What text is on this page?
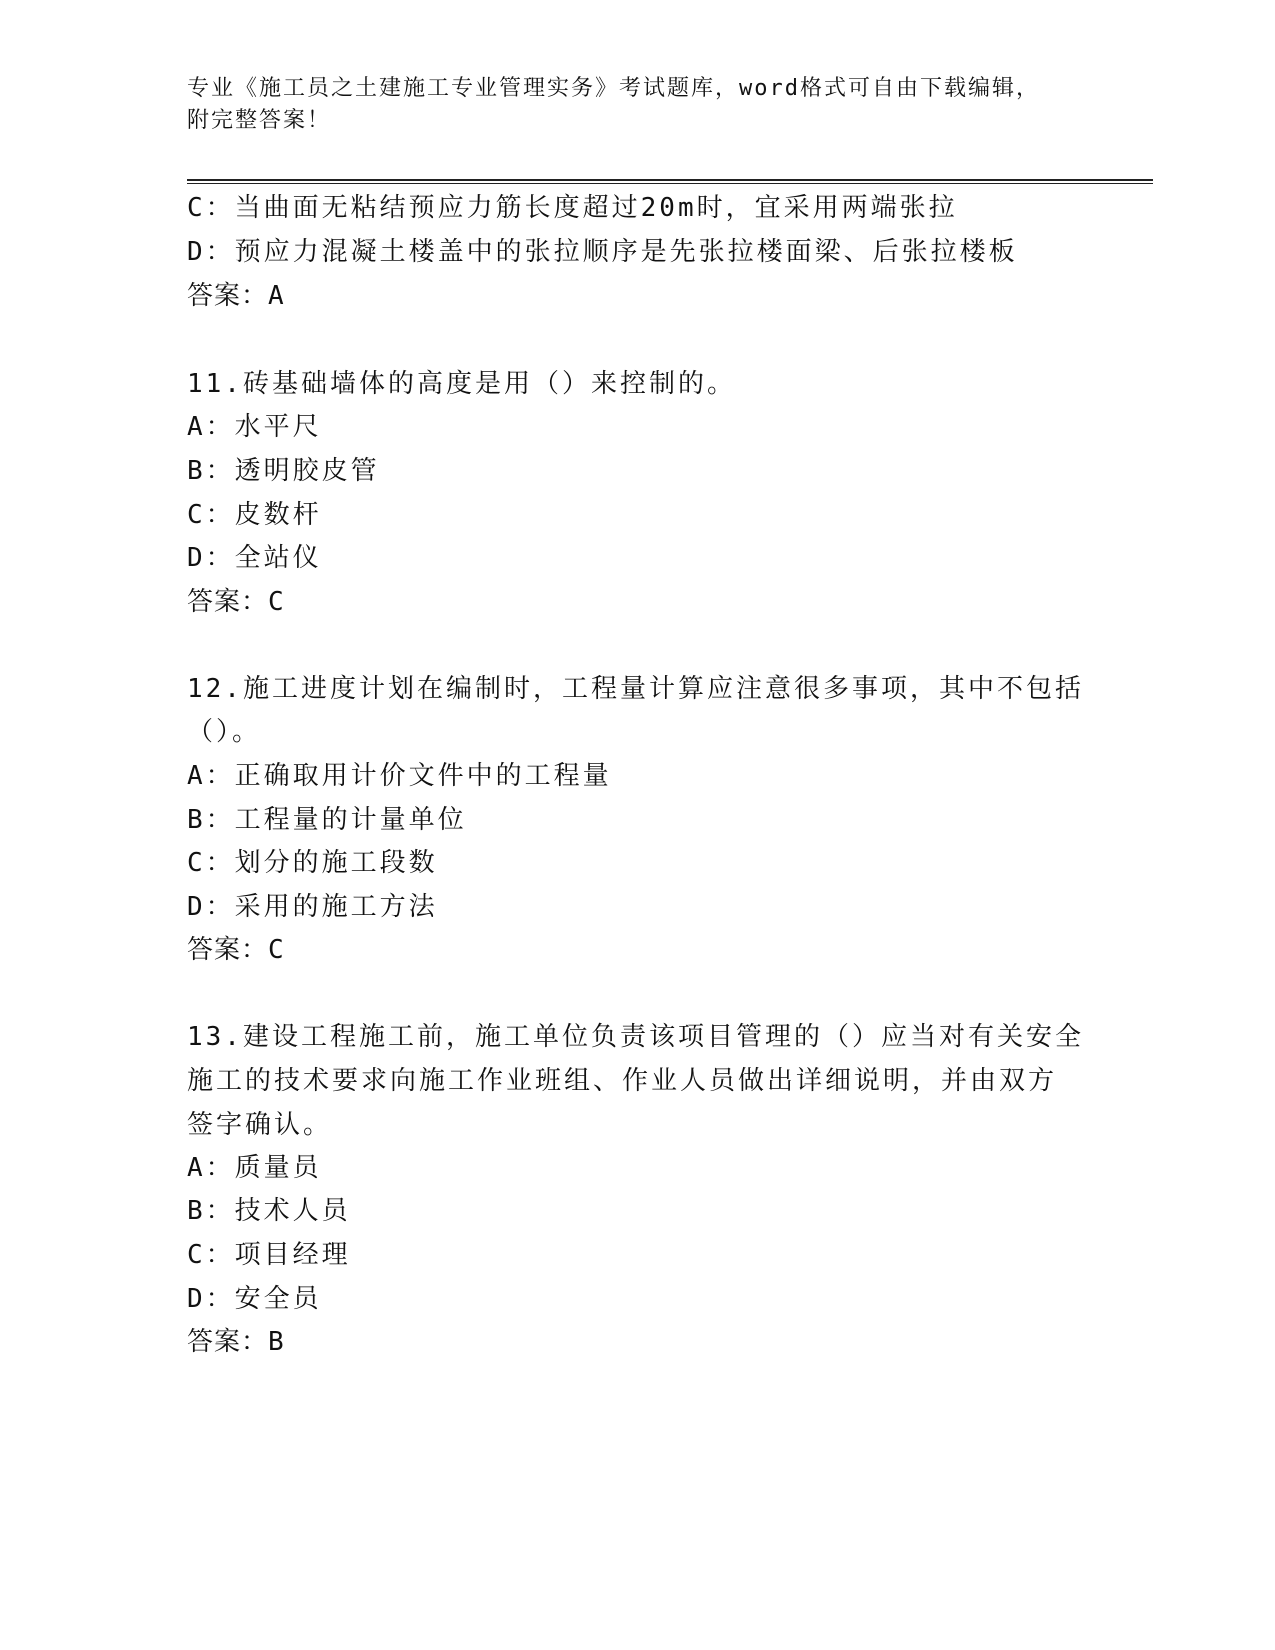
专业《施工员之土建施工专业管理实务》考试题库，word格式可自由下载编辑，
附完整答案！
C：当曲面无粘结预应力筋长度超过20m时，宜采用两端张拉
D：预应力混凝土楼盖中的张拉顺序是先张拉楼面梁、后张拉楼板
答案：A
11.砖基础墙体的高度是用（）来控制的。
A：水平尺
B：透明胶皮管
C：皮数杆
D：全站仪
答案：C
12.施工进度计划在编制时，工程量计算应注意很多事项，其中不包括
（）。
A：正确取用计价文件中的工程量
B：工程量的计量单位
C：划分的施工段数
D：采用的施工方法
答案：C
13.建设工程施工前，施工单位负责该项目管理的（）应当对有关安全
施工的技术要求向施工作业班组、作业人员做出详细说明，并由双方
签字确认。
A：质量员
B：技术人员
C：项目经理
D：安全员
答案：B
